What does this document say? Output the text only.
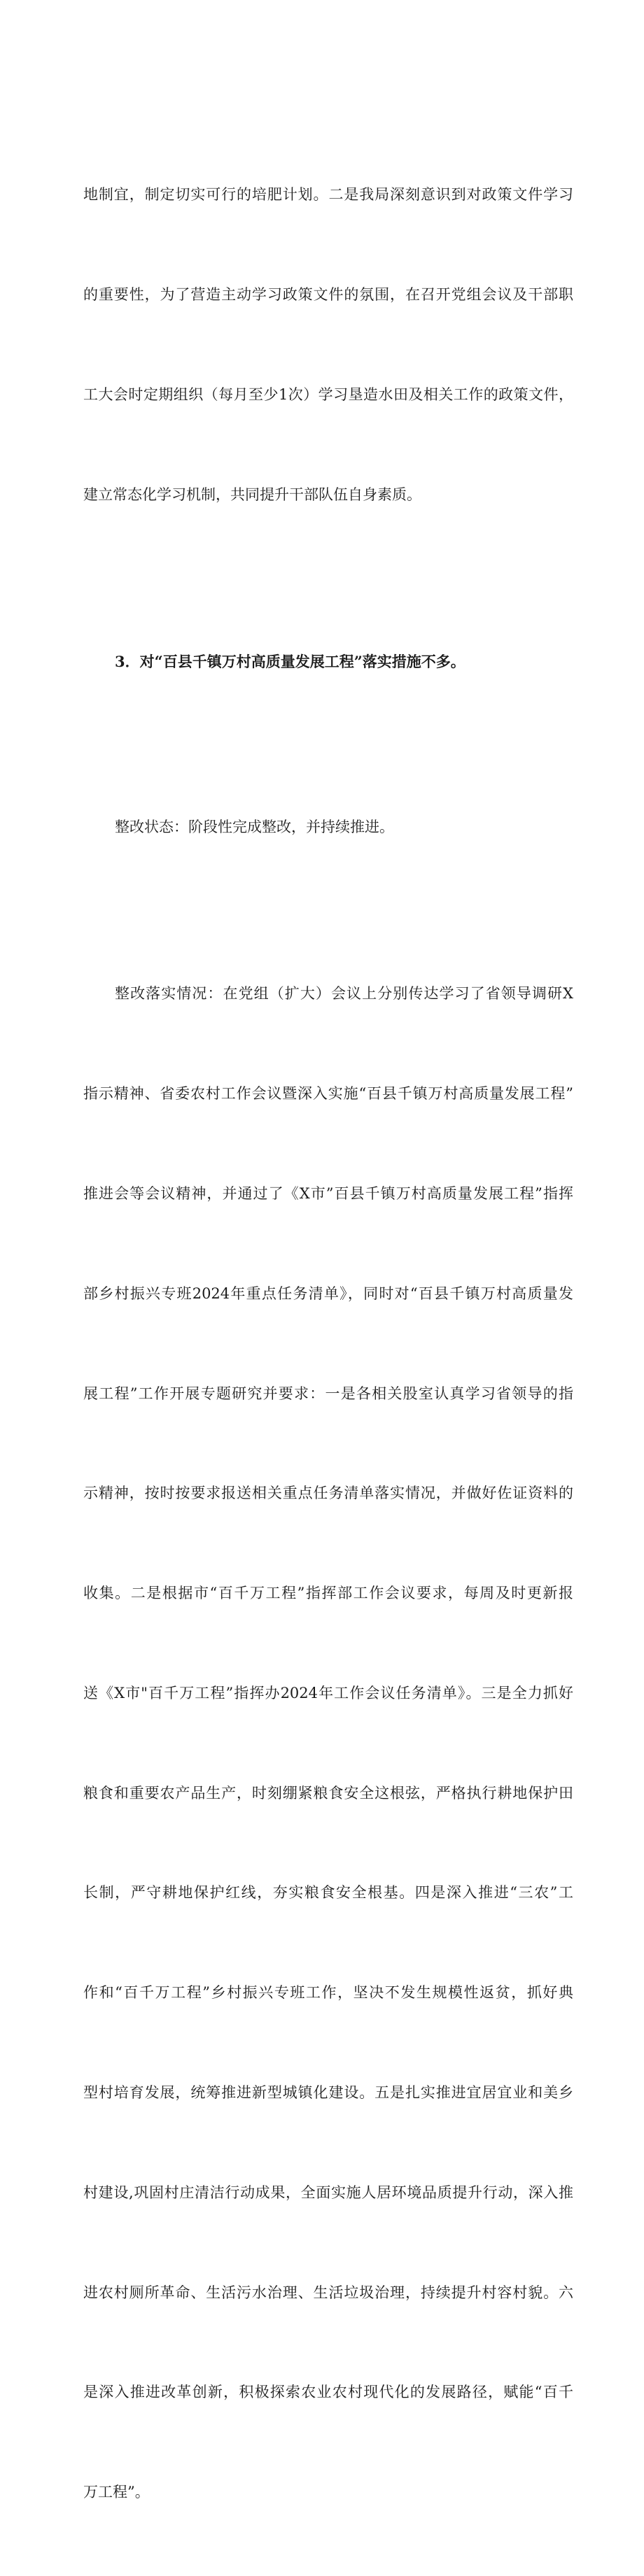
地制宜，制定切实可行的培肥计划。二是我局深刻意识到对政策文件学习

的重要性，为了营造主动学习政策文件的氛围，在召开党组会议及干部职

工大会时定期组织（每月至少1次）学习垦造水田及相关工作的政策文件，

建立常态化学习机制，共同提升干部队伍自身素质。

3．对“百县千镇万村高质量发展工程”落实措施不多。

整改状态：阶段性完成整改，并持续推进。

整改落实情况：在党组（扩大）会议上分别传达学习了省领导调研X

指示精神、省委农村工作会议暨深入实施“百县千镇万村高质量发展工程”

推进会等会议精神，并通过了《X市”百县千镇万村高质量发展工程”指挥

部乡村振兴专班2024年重点任务清单》，同时对“百县千镇万村高质量发

展工程”工作开展专题研究并要求：一是各相关股室认真学习省领导的指

示精神，按时按要求报送相关重点任务清单落实情况，并做好佐证资料的

收集。二是根据市“百千万工程”指挥部工作会议要求，每周及时更新报

送《X市"百千万工程”指挥办2024年工作会议任务清单》。三是全力抓好

粮食和重要农产品生产，时刻绷紧粮食安全这根弦，严格执行耕地保护田

长制，严守耕地保护红线，夯实粮食安全根基。四是深入推进“三农”工

作和“百千万工程”乡村振兴专班工作，坚决不发生规模性返贫，抓好典

型村培育发展，统筹推进新型城镇化建设。五是扎实推进宜居宜业和美乡

村建设,巩固村庄清洁行动成果，全面实施人居环境品质提升行动，深入推

进农村厕所革命、生活污水治理、生活垃圾治理，持续提升村容村貌。六

是深入推进改革创新，积极探索农业农村现代化的发展路径，赋能“百千

万工程”。
